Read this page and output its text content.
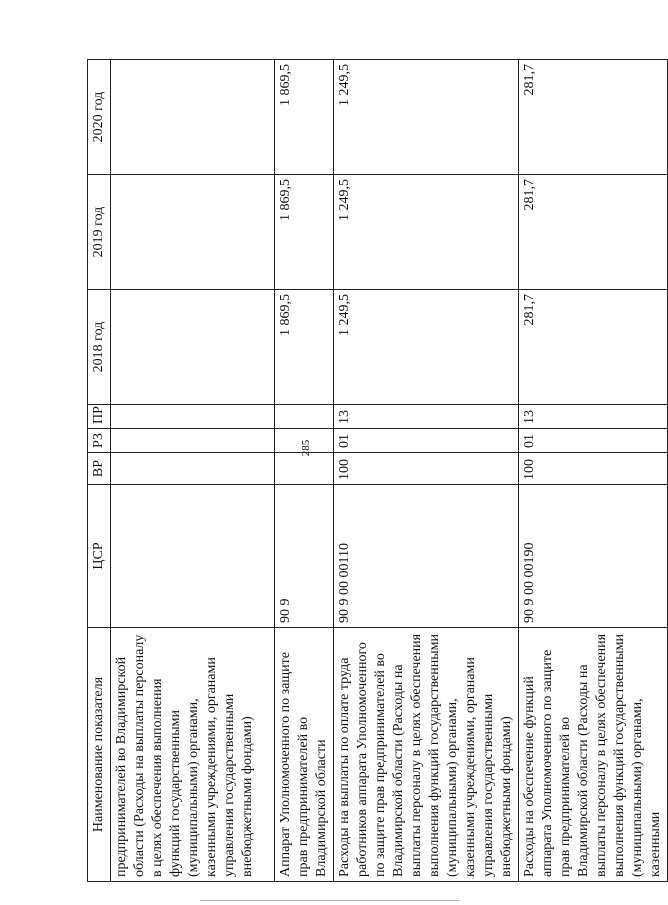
285
Наименование показателя	ЦСР	ВР	РЗ	ПР	2018 год	2019 год	2020 год
предпринимателей во Владимирской области (Расходы на выплаты персоналу в целях обеспечения выполнения функций государственными (муниципальными) органами, казенными учреждениями, органами управления государственными внебюджетными фондами)							
Аппарат Уполномоченного по защите прав предпринимателей во Владимирской области	90 9				1 869,5	1 869,5	1 869,5
Расходы на выплаты по оплате труда работников аппарата Уполномоченного по защите прав предпринимателей во Владимирской области (Расходы на выплаты персоналу в целях обеспечения выполнения функций государственными (муниципальными) органами, казенными учреждениями, органами управления государственными внебюджетными фондами)	90 9 00 00110	100	01	13	1 249,5	1 249,5	1 249,5
Расходы на обеспечение функций аппарата Уполномоченного по защите прав предпринимателей во Владимирской области (Расходы на выплаты персоналу в целях обеспечения выполнения функций государственными (муниципальными) органами, казенными	90 9 00 00190	100	01	13	281,7	281,7	281,7
